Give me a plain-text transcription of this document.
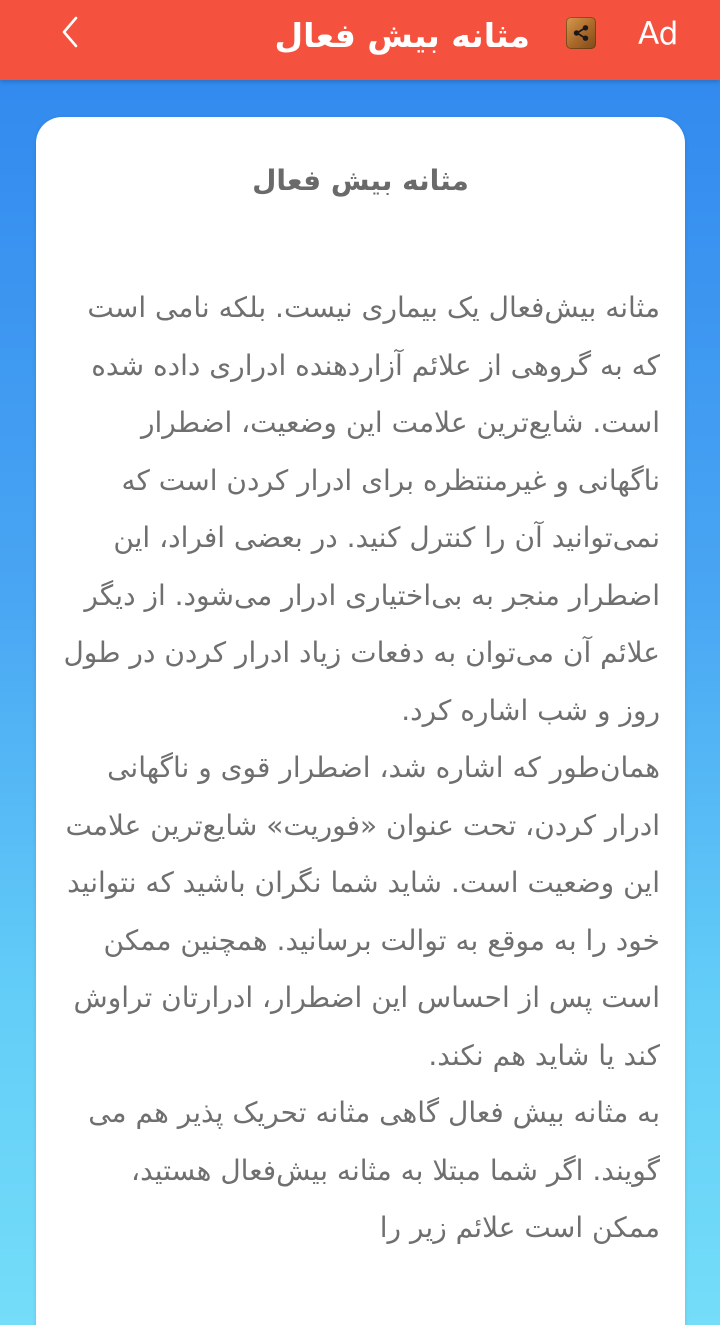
مثانه بیش فعال	Ad
مثانه بیش فعال

مثانه بیش‌فعال یک بیماری نیست. بلکه نامی است که به گروهی از علائم آزاردهنده ادراری داده شده است. شایع‌ترین علامت این وضعیت، اضطرار ناگهانی و غیرمنتظره برای ادرار کردن است که نمی‌توانید آن را کنترل کنید. در بعضی افراد، این اضطرار منجر به بی‌اختیاری ادرار می‌شود. از دیگر علائم آن می‌توان به دفعات زیاد ادرار کردن در طول روز و شب اشاره کرد.

همان‌طور که اشاره شد، اضطرار قوی و ناگهانی ادرار کردن، تحت عنوان «فوریت» شایع‌ترین علامت این وضعیت است. شاید شما نگران باشید که نتوانید خود را به موقع به توالت برسانید. همچنین ممکن است پس از احساس این اضطرار، ادرارتان تراوش کند یا شاید هم نکند.

به مثانه بیش فعال گاهی مثانه تحریک پذیر هم می گویند. اگر شما مبتلا به مثانه بیش‌فعال هستید، ممکن است علائم زیر را
